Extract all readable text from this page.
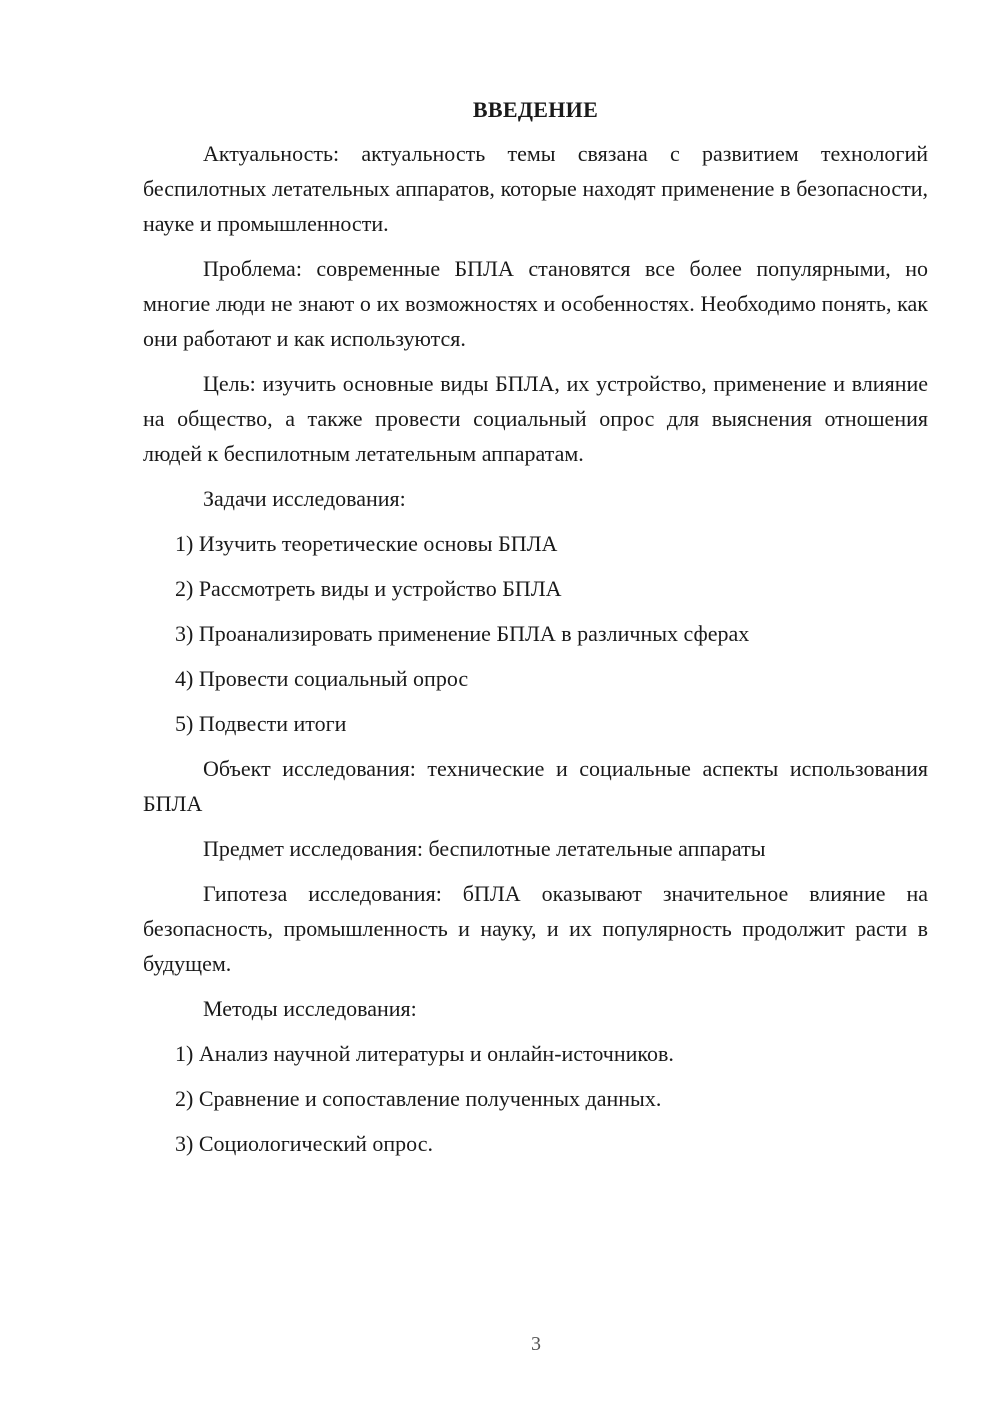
ВВЕДЕНИЕ

Актуальность: актуальность темы связана с развитием технологий беспилотных летательных аппаратов, которые находят применение в безопасности, науке и промышленности.

Проблема: современные БПЛА становятся все более популярными, но многие люди не знают о их возможностях и особенностях. Необходимо понять, как они работают и как используются.

Цель: изучить основные виды БПЛА, их устройство, применение и влияние на общество, а также провести социальный опрос для выяснения отношения людей к беспилотным летательным аппаратам.

Задачи исследования:

1) Изучить теоретические основы БПЛА
2) Рассмотреть виды и устройство БПЛА
3) Проанализировать применение БПЛА в различных сферах
4) Провести социальный опрос
5) Подвести итоги

Объект исследования: технические и социальные аспекты использования БПЛА

Предмет исследования: беспилотные летательные аппараты

Гипотеза исследования: бПЛА оказывают значительное влияние на безопасность, промышленность и науку, и их популярность продолжит расти в будущем.

Методы исследования:

1) Анализ научной литературы и онлайн-источников.
2) Сравнение и сопоставление полученных данных.
3) Социологический опрос.
3
